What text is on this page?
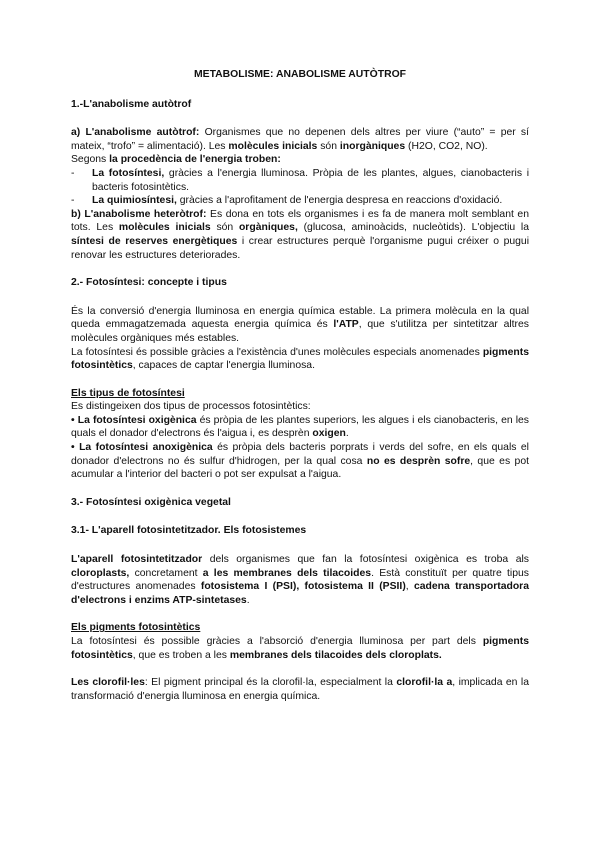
METABOLISME: ANABOLISME AUTÒTROF
1.-L'anabolisme autòtrof

a) L'anabolisme autòtrof: Organismes que no depenen dels altres per viure (“auto” = per sí mateix, “trofo” = alimentació). Les molècules inicials són inorgàniques (H2O, CO2, NO).

Segons la procedència de l'energia troben:

-	La fotosíntesi, gràcies a l'energia lluminosa. Pròpia de les plantes, algues, cianobacteris i bacteris fotosintètics.
-	La quimiosíntesi, gràcies a l'aprofitament de l'energia despresa en reaccions d'oxidació.

b) L'anabolisme heteròtrof: Es dona en tots els organismes i es fa de manera molt semblant en tots. Les molècules inicials són orgàniques, (glucosa, aminoàcids, nucleòtids). L'objectiu la síntesi de reserves energètiques i crear estructures perquè l'organisme pugui créixer o pugui renovar les estructures deteriorades.

2.- Fotosíntesi: concepte i tipus

És la conversió d'energia lluminosa en energia química estable. La primera molècula en la qual queda emmagatzemada aquesta energia química és l'ATP, que s'utilitza per sintetitzar altres molècules orgàniques més estables.

La fotosíntesi és possible gràcies a l'existència d'unes molècules especials anomenades pigments fotosintètics, capaces de captar l'energia lluminosa.

Els tipus de fotosíntesi

Es distingeixen dos tipus de processos fotosintètics:

• La fotosíntesi oxigènica és pròpia de les plantes superiors, les algues i els cianobacteris, en les quals el donador d'electrons és l'aigua i, es desprèn oxigen.

• La fotosíntesi anoxigènica és pròpia dels bacteris porprats i verds del sofre, en els quals el donador d'electrons no és sulfur d'hidrogen, per la qual cosa no es desprèn sofre, que es pot acumular a l'interior del bacteri o pot ser expulsat a l'aigua.

3.- Fotosíntesi oxigènica vegetal
3.1- L'aparell fotosintetitzador. Els fotosistemes

L'aparell fotosintetitzador dels organismes que fan la fotosíntesi oxigènica es troba als cloroplasts, concretament a les membranes dels tilacoides. Està constituït per quatre tipus d'estructures anomenades fotosistema I (PSI), fotosistema II (PSII), cadena transportadora d'electrons i enzims ATP-sintetases.

Els pigments fotosintètics

La fotosíntesi és possible gràcies a l'absorció d'energia lluminosa per part dels pigments fotosintètics, que es troben a les membranes dels tilacoides dels cloroplats.

Les clorofil·les: El pigment principal és la clorofil·la, especialment la clorofil·la a, implicada en la transformació d'energia lluminosa en energia química.
